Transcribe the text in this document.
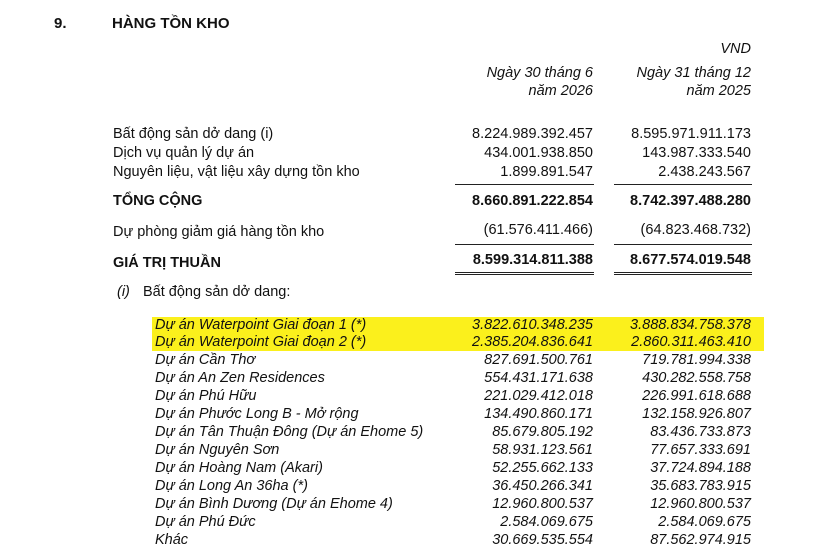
9.	HÀNG TỒN KHO
VND
Ngày 30 tháng 6
năm 2026
Ngày 31 tháng 12
năm 2025
Bất động sản dở dang (i)	8.224.989.392.457	8.595.971.911.173
Dịch vụ quản lý dự án	434.001.938.850	143.987.333.540
Nguyên liệu, vật liệu xây dựng tồn kho	1.899.891.547	2.438.243.567
TỔNG CỘNG	8.660.891.222.854	8.742.397.488.280
Dự phòng giảm giá hàng tồn kho	(61.576.411.466)	(64.823.468.732)
GIÁ TRỊ THUẦN	8.599.314.811.388	8.677.574.019.548
(i) Bất động sản dở dang:
Dự án Waterpoint Giai đoạn 1 (*)	3.822.610.348.235	3.888.834.758.378
Dự án Waterpoint Giai đoạn 2 (*)	2.385.204.836.641	2.860.311.463.410
Dự án Cần Thơ	827.691.500.761	719.781.994.338
Dự án An Zen Residences	554.431.171.638	430.282.558.758
Dự án Phú Hữu	221.029.412.018	226.991.618.688
Dự án Phước Long B - Mở rộng	134.490.860.171	132.158.926.807
Dự án Tân Thuận Đông (Dự án Ehome 5)	85.679.805.192	83.436.733.873
Dự án Nguyên Sơn	58.931.123.561	77.657.333.691
Dự án Hoàng Nam (Akari)	52.255.662.133	37.724.894.188
Dự án Long An 36ha (*)	36.450.266.341	35.683.783.915
Dự án Bình Dương (Dự án Ehome 4)	12.960.800.537	12.960.800.537
Dự án Phú Đức	2.584.069.675	2.584.069.675
Khác	30.669.535.554	87.562.974.915
